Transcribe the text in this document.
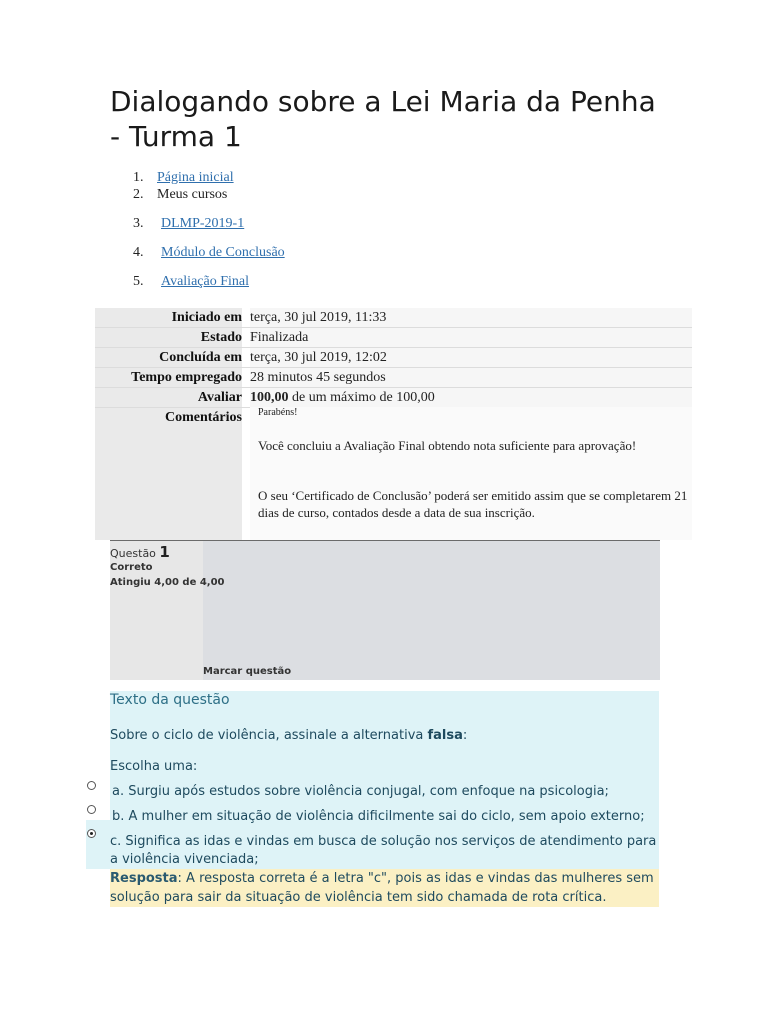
Dialogando sobre a Lei Maria da Penha - Turma 1
1. Página inicial
2. Meus cursos
3. DLMP-2019-1
4. Módulo de Conclusão
5. Avaliação Final
Iniciado em terça, 30 jul 2019, 11:33
Estado Finalizada
Concluída em terça, 30 jul 2019, 12:02
Tempo empregado 28 minutos 45 segundos
Avaliar 100,00 de um máximo de 100,00
Comentários Parabéns!

Você concluiu a Avaliação Final obtendo nota suficiente para aprovação!

O seu ‘Certificado de Conclusão’ poderá ser emitido assim que se completarem 21 dias de curso, contados desde a data de sua inscrição.

Questão 1
Correto
Atingiu 4,00 de 4,00
Marcar questão
Texto da questão
Sobre o ciclo de violência, assinale a alternativa falsa:
Escolha uma:
a. Surgiu após estudos sobre violência conjugal, com enfoque na psicologia;
b. A mulher em situação de violência dificilmente sai do ciclo, sem apoio externo;
c. Significa as idas e vindas em busca de solução nos serviços de atendimento para a violência vivenciada;
Resposta: A resposta correta é a letra "c", pois as idas e vindas das mulheres sem solução para sair da situação de violência tem sido chamada de rota crítica.
